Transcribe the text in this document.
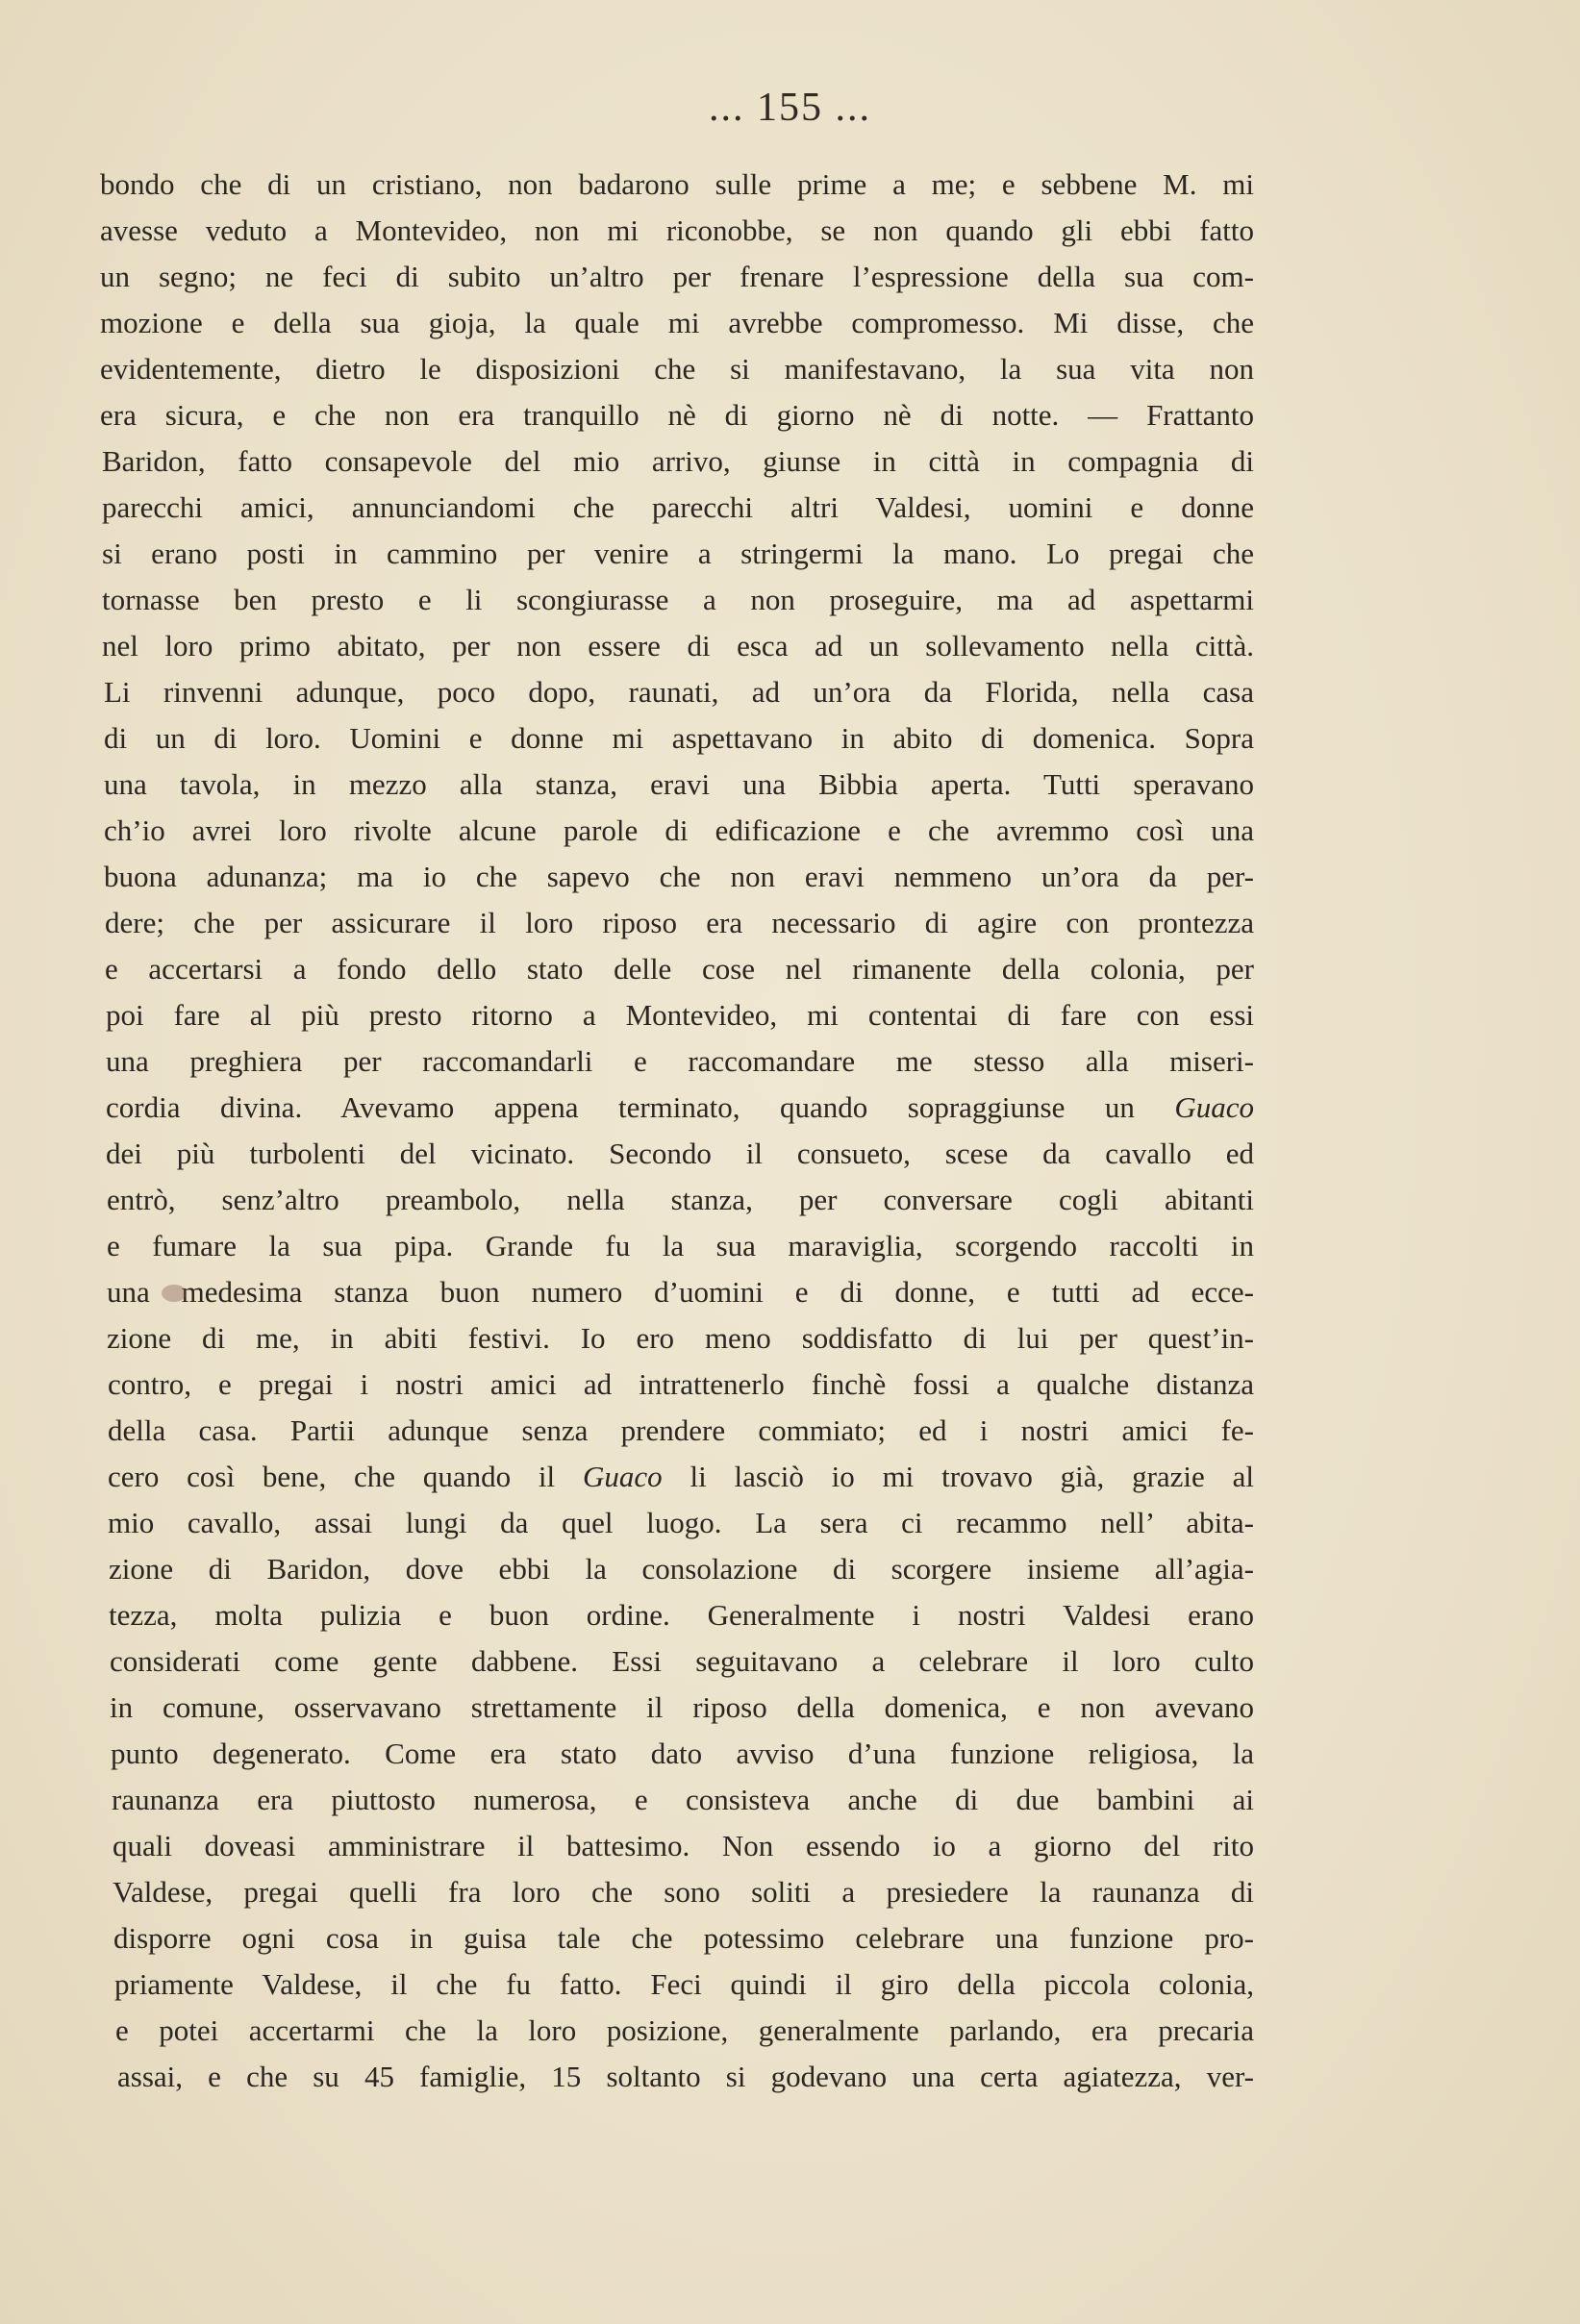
... 155 ...
bondo che di un cristiano, non badarono sulle prime a me; e sebbene M. mi
avesse veduto a Montevideo, non mi riconobbe, se non quando gli ebbi fatto
un segno; ne feci di subito un’altro per frenare l’espressione della sua com-
mozione e della sua gioja, la quale mi avrebbe compromesso. Mi disse, che
evidentemente, dietro le disposizioni che si manifestavano, la sua vita non
era sicura, e che non era tranquillo nè di giorno nè di notte. — Frattanto
Baridon, fatto consapevole del mio arrivo, giunse in città in compagnia di
parecchi amici, annunciandomi che parecchi altri Valdesi, uomini e donne
si erano posti in cammino per venire a stringermi la mano. Lo pregai che
tornasse ben presto e li scongiurasse a non proseguire, ma ad aspettarmi
nel loro primo abitato, per non essere di esca ad un sollevamento nella città.
Li rinvenni adunque, poco dopo, raunati, ad un’ora da Florida, nella casa
di un di loro. Uomini e donne mi aspettavano in abito di domenica. Sopra
una tavola, in mezzo alla stanza, eravi una Bibbia aperta. Tutti speravano
ch’io avrei loro rivolte alcune parole di edificazione e che avremmo così una
buona adunanza; ma io che sapevo che non eravi nemmeno un’ora da per-
dere; che per assicurare il loro riposo era necessario di agire con prontezza
e accertarsi a fondo dello stato delle cose nel rimanente della colonia, per
poi fare al più presto ritorno a Montevideo, mi contentai di fare con essi
una preghiera per raccomandarli e raccomandare me stesso alla miseri-
cordia divina. Avevamo appena terminato, quando sopraggiunse un Guaco
dei più turbolenti del vicinato. Secondo il consueto, scese da cavallo ed
entrò, senz’altro preambolo, nella stanza, per conversare cogli abitanti
e fumare la sua pipa. Grande fu la sua maraviglia, scorgendo raccolti in
una medesima stanza buon numero d’uomini e di donne, e tutti ad ecce-
zione di me, in abiti festivi. Io ero meno soddisfatto di lui per quest’in-
contro, e pregai i nostri amici ad intrattenerlo finchè fossi a qualche distanza
della casa. Partii adunque senza prendere commiato; ed i nostri amici fe-
cero così bene, che quando il Guaco li lasciò io mi trovavo già, grazie al
mio cavallo, assai lungi da quel luogo. La sera ci recammo nell’ abita-
zione di Baridon, dove ebbi la consolazione di scorgere insieme all’agia-
tezza, molta pulizia e buon ordine. Generalmente i nostri Valdesi erano
considerati come gente dabbene. Essi seguitavano a celebrare il loro culto
in comune, osservavano strettamente il riposo della domenica, e non avevano
punto degenerato. Come era stato dato avviso d’una funzione religiosa, la
raunanza era piuttosto numerosa, e consisteva anche di due bambini ai
quali doveasi amministrare il battesimo. Non essendo io a giorno del rito
Valdese, pregai quelli fra loro che sono soliti a presiedere la raunanza di
disporre ogni cosa in guisa tale che potessimo celebrare una funzione pro-
priamente Valdese, il che fu fatto. Feci quindi il giro della piccola colonia,
e potei accertarmi che la loro posizione, generalmente parlando, era precaria
assai, e che su 45 famiglie, 15 soltanto si godevano una certa agiatezza, ver-
